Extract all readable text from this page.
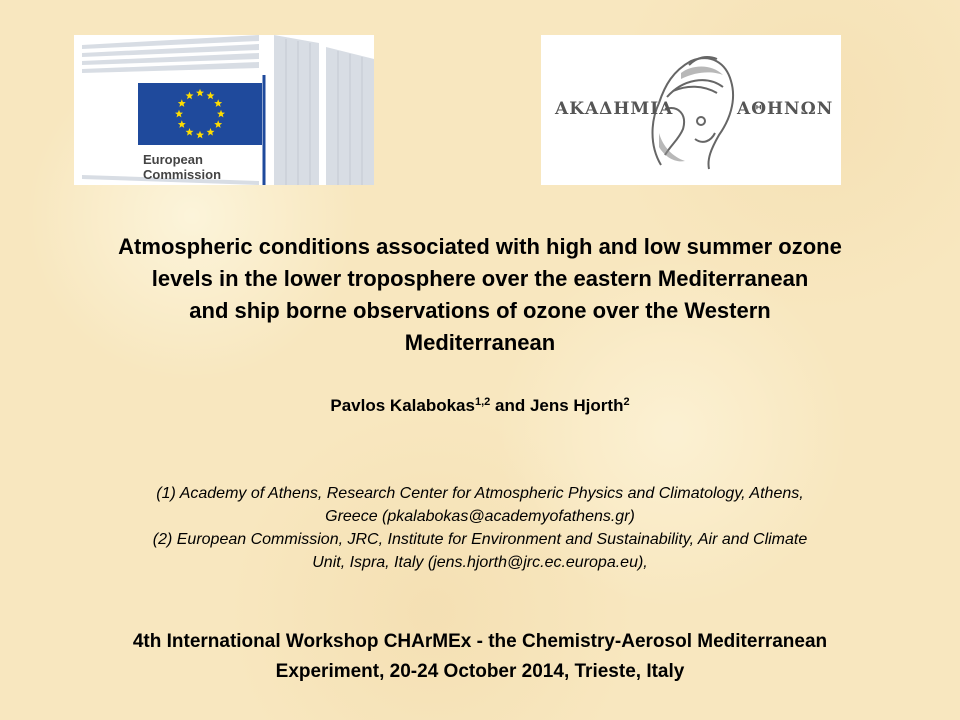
European
Commission
ΑΚΑΔΗΜΙΑ	ΑΘΗΝΩΝ
Atmospheric conditions associated with high and low summer ozone
levels in the lower troposphere over the eastern Mediterranean
and ship borne observations of ozone over the Western
Mediterranean
Pavlos Kalabokas$^{1,2}$ and Jens Hjorth$^2$
(1) Academy of Athens, Research Center for Atmospheric Physics and Climatology, Athens,
Greece (pkalabokas@academyofathens.gr)
(2) European Commission, JRC, Institute for Environment and Sustainability, Air and Climate
Unit, Ispra, Italy (jens.hjorth@jrc.ec.europa.eu),
4th International Workshop CHArMEx - the Chemistry-Aerosol Mediterranean
Experiment, 20-24 October 2014, Trieste, Italy
